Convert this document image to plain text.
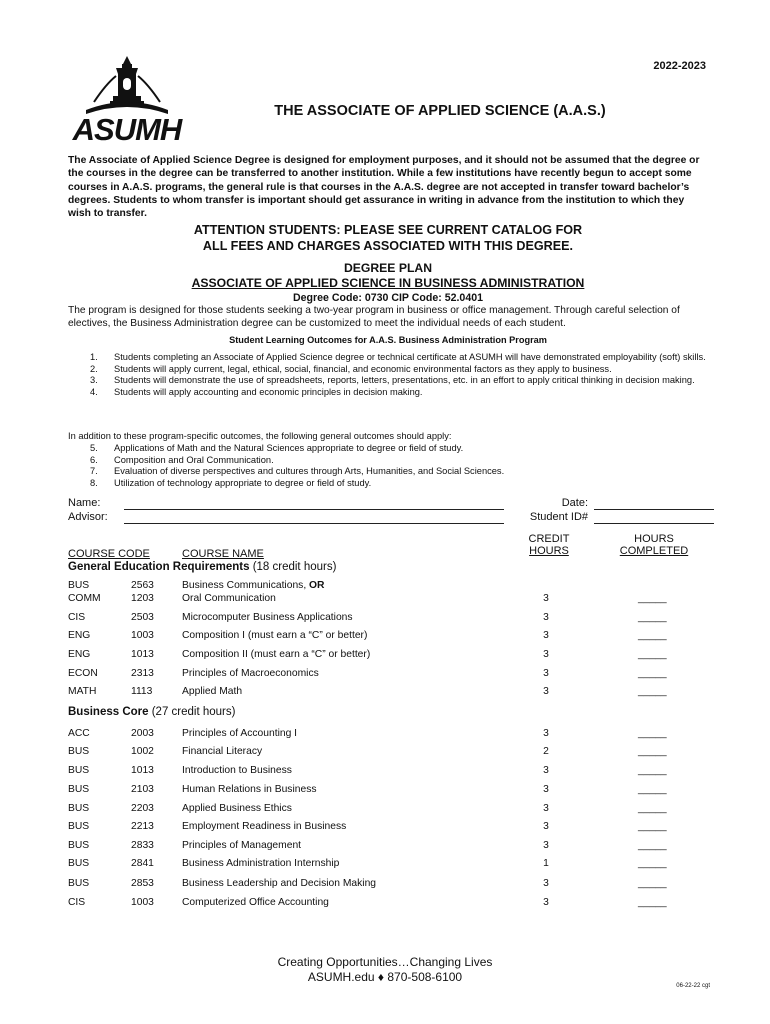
2022-2023
ASUMH
THE ASSOCIATE OF APPLIED SCIENCE (A.A.S.)
The Associate of Applied Science Degree is designed for employment purposes, and it should not be assumed that the degree or the courses in the degree can be transferred to another institution. While a few institutions have recently begun to accept some courses in A.A.S. programs, the general rule is that courses in the A.A.S. degree are not accepted in transfer toward bachelor’s degrees. Students to whom transfer is important should get assurance in writing in advance from the institution to which they wish to transfer.
ATTENTION STUDENTS: PLEASE SEE CURRENT CATALOG FOR
ALL FEES AND CHARGES ASSOCIATED WITH THIS DEGREE.
DEGREE PLAN
ASSOCIATE OF APPLIED SCIENCE IN BUSINESS ADMINISTRATION
Degree Code: 0730 CIP Code: 52.0401
The program is designed for those students seeking a two-year program in business or office management. Through careful selection of electives, the Business Administration degree can be customized to meet the individual needs of each student.
Student Learning Outcomes for A.A.S. Business Administration Program
1. Students completing an Associate of Applied Science degree or technical certificate at ASUMH will have demonstrated employability (soft) skills.
2. Students will apply current, legal, ethical, social, financial, and economic environmental factors as they apply to business.
3. Students will demonstrate the use of spreadsheets, reports, letters, presentations, etc. in an effort to apply critical thinking in decision making.
4. Students will apply accounting and economic principles in decision making.
In addition to these program-specific outcomes, the following general outcomes should apply:
5. Applications of Math and the Natural Sciences appropriate to degree or field of study.
6. Composition and Oral Communication.
7. Evaluation of diverse perspectives and cultures through Arts, Humanities, and Social Sciences.
8. Utilization of technology appropriate to degree or field of study.
Name:
Advisor:
Date:
Student ID#
CREDIT
HOURS
HOURS
COMPLETED
COURSE CODE	COURSE NAME
General Education Requirements (18 credit hours)
BUS	2563	Business Communications, OR
COMM	1203	Oral Communication	3	_____
CIS	2503	Microcomputer Business Applications	3	_____
ENG	1003	Composition I (must earn a “C” or better)	3	_____
ENG	1013	Composition II (must earn a “C” or better)	3	_____
ECON	2313	Principles of Macroeconomics	3	_____
MATH	1113	Applied Math	3	_____
Business Core (27 credit hours)
ACC	2003	Principles of Accounting I	3	_____
BUS	1002	Financial Literacy	2	_____
BUS	1013	Introduction to Business	3	_____
BUS	2103	Human Relations in Business	3	_____
BUS	2203	Applied Business Ethics	3	_____
BUS	2213	Employment Readiness in Business	3	_____
BUS	2833	Principles of Management	3	_____
BUS	2841	Business Administration Internship	1	_____
BUS	2853	Business Leadership and Decision Making	3	_____
CIS	1003	Computerized Office Accounting	3	_____
Creating Opportunities…Changing Lives
ASUMH.edu ♦ 870-508-6100
06-22-22 cgt
